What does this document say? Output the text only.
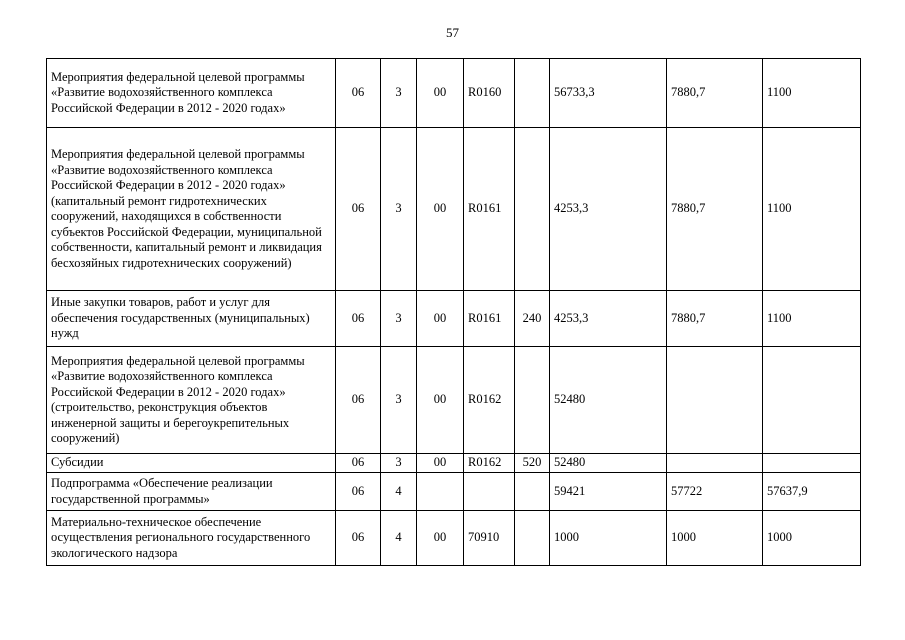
57
Мероприятия федеральной целевой программы «Развитие водохозяйственного комплекса Российской Федерации в 2012 - 2020 годах»	06	3	00	R0160		56733,3	7880,7	1100
Мероприятия федеральной целевой программы «Развитие водохозяйственного комплекса Российской Федерации в 2012 - 2020 годах» (капитальный ремонт гидротехнических сооружений, находящихся в собственности субъектов Российской Федерации, муниципальной собственности, капитальный ремонт и ликвидация бесхозяйных гидротехнических сооружений)	06	3	00	R0161		4253,3	7880,7	1100
Иные закупки товаров, работ и услуг для обеспечения государственных (муниципальных) нужд	06	3	00	R0161	240	4253,3	7880,7	1100
Мероприятия федеральной целевой программы «Развитие водохозяйственного комплекса Российской Федерации в 2012 - 2020 годах» (строительство, реконструкция объектов инженерной защиты и берегоукрепительных сооружений)	06	3	00	R0162		52480		
Субсидии	06	3	00	R0162	520	52480		
Подпрограмма «Обеспечение реализации государственной программы»	06	4				59421	57722	57637,9
Материально-техническое обеспечение осуществления регионального государственного экологического надзора	06	4	00	70910		1000	1000	1000
